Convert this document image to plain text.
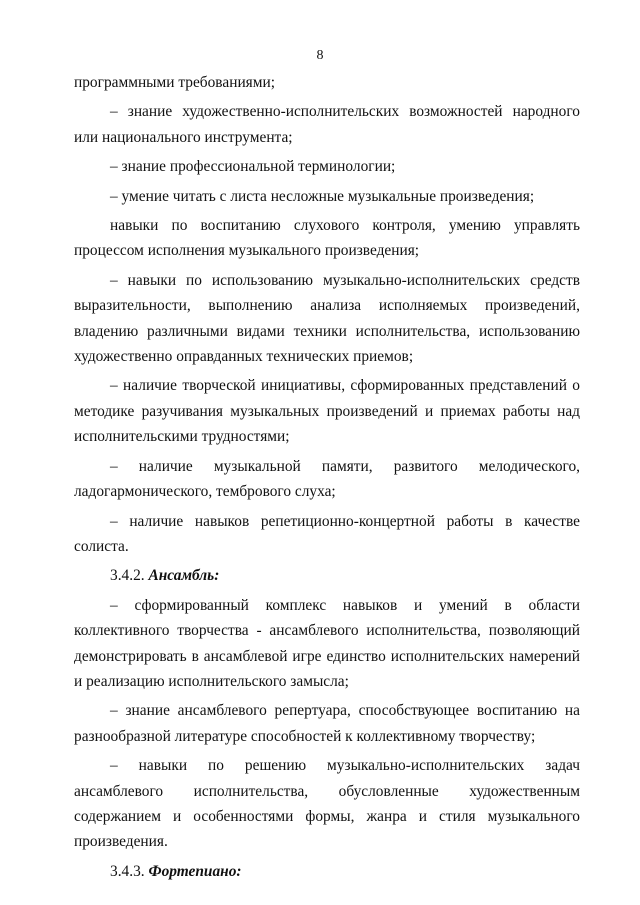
8

программными требованиями;

– знание художественно-исполнительских возможностей народного или национального инструмента;

– знание профессиональной терминологии;

– умение читать с листа несложные музыкальные произведения;

навыки по воспитанию слухового контроля, умению управлять процессом исполнения музыкального произведения;

– навыки по использованию музыкально-исполнительских средств выразительности, выполнению анализа исполняемых произведений, владению различными видами техники исполнительства, использованию художественно оправданных технических приемов;

– наличие творческой инициативы, сформированных представлений о методике разучивания музыкальных произведений и приемах работы над исполнительскими трудностями;

– наличие музыкальной памяти, развитого мелодического, ладогармонического, тембрового слуха;

– наличие навыков репетиционно-концертной работы в качестве солиста.

3.4.2. Ансамбль:

– сформированный комплекс навыков и умений в области коллективного творчества - ансамблевого исполнительства, позволяющий демонстрировать в ансамблевой игре единство исполнительских намерений и реализацию исполнительского замысла;

– знание ансамблевого репертуара, способствующее воспитанию на разнообразной литературе способностей к коллективному творчеству;

– навыки по решению музыкально-исполнительских задач ансамблевого исполнительства, обусловленные художественным содержанием и особенностями формы, жанра и стиля музыкального произведения.

3.4.3. Фортепиано:
